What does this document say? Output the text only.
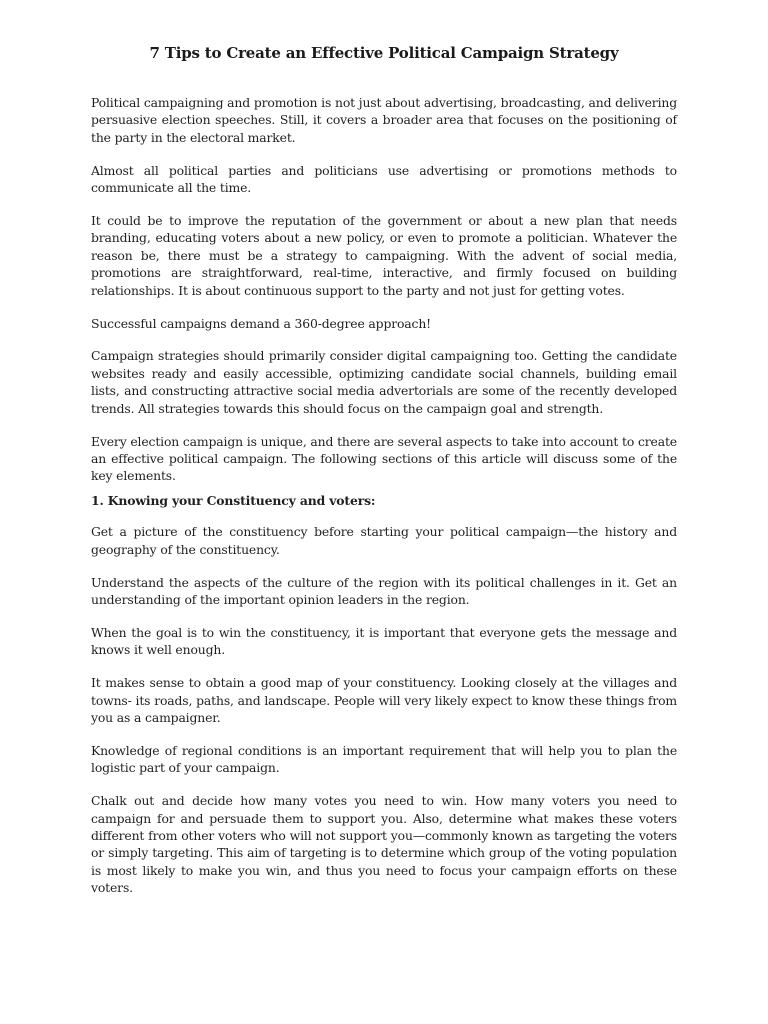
7 Tips to Create an Effective Political Campaign Strategy

Political campaigning and promotion is not just about advertising, broadcasting, and delivering persuasive election speeches. Still, it covers a broader area that focuses on the positioning of the party in the electoral market.

Almost all political parties and politicians use advertising or promotions methods to communicate all the time.

It could be to improve the reputation of the government or about a new plan that needs branding, educating voters about a new policy, or even to promote a politician. Whatever the reason be, there must be a strategy to campaigning. With the advent of social media, promotions are straightforward, real-time, interactive, and firmly focused on building relationships. It is about continuous support to the party and not just for getting votes.

Successful campaigns demand a 360-degree approach!

Campaign strategies should primarily consider digital campaigning too. Getting the candidate websites ready and easily accessible, optimizing candidate social channels, building email lists, and constructing attractive social media advertorials are some of the recently developed trends. All strategies towards this should focus on the campaign goal and strength.

Every election campaign is unique, and there are several aspects to take into account to create an effective political campaign. The following sections of this article will discuss some of the key elements.

1. Knowing your Constituency and voters:

Get a picture of the constituency before starting your political campaign—the history and geography of the constituency.

Understand the aspects of the culture of the region with its political challenges in it. Get an understanding of the important opinion leaders in the region.

When the goal is to win the constituency, it is important that everyone gets the message and knows it well enough.

It makes sense to obtain a good map of your constituency. Looking closely at the villages and towns- its roads, paths, and landscape. People will very likely expect to know these things from you as a campaigner.

Knowledge of regional conditions is an important requirement that will help you to plan the logistic part of your campaign.

Chalk out and decide how many votes you need to win. How many voters you need to campaign for and persuade them to support you. Also, determine what makes these voters different from other voters who will not support you—commonly known as targeting the voters or simply targeting. This aim of targeting is to determine which group of the voting population is most likely to make you win, and thus you need to focus your campaign efforts on these voters.
